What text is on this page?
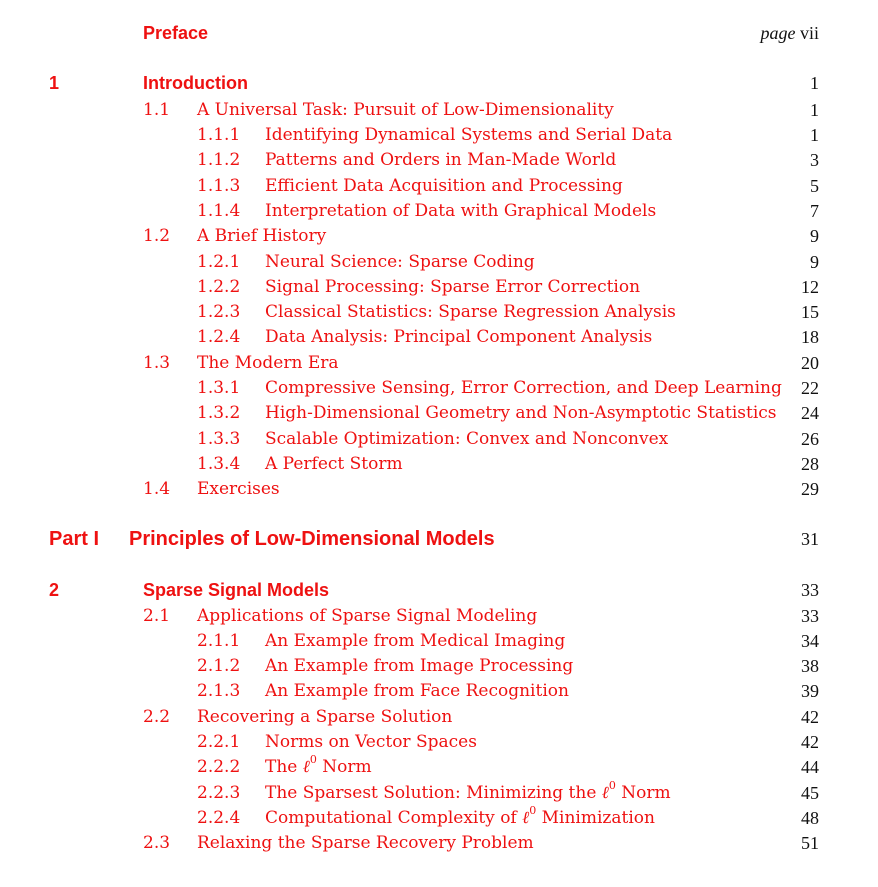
Preface	page vii
1	Introduction	1
1.1 A Universal Task: Pursuit of Low-Dimensionality	1
1.1.1 Identifying Dynamical Systems and Serial Data	1
1.1.2 Patterns and Orders in Man-Made World	3
1.1.3 Efficient Data Acquisition and Processing	5
1.1.4 Interpretation of Data with Graphical Models	7
1.2 A Brief History	9
1.2.1 Neural Science: Sparse Coding	9
1.2.2 Signal Processing: Sparse Error Correction	12
1.2.3 Classical Statistics: Sparse Regression Analysis	15
1.2.4 Data Analysis: Principal Component Analysis	18
1.3 The Modern Era	20
1.3.1 Compressive Sensing, Error Correction, and Deep Learning 22
1.3.2 High-Dimensional Geometry and Non-Asymptotic Statistics 24
1.3.3 Scalable Optimization: Convex and Nonconvex	26
1.3.4 A Perfect Storm	28
1.4 Exercises	29
Part I Principles of Low-Dimensional Models	31
2	Sparse Signal Models	33
2.1 Applications of Sparse Signal Modeling	33
2.1.1 An Example from Medical Imaging	34
2.1.2 An Example from Image Processing	38
2.1.3 An Example from Face Recognition	39
2.2 Recovering a Sparse Solution	42
2.2.1 Norms on Vector Spaces	42
2.2.2 The ℓ$^0$ Norm	44
2.2.3 The Sparsest Solution: Minimizing the ℓ$^0$ Norm	45
2.2.4 Computational Complexity of ℓ$^0$ Minimization	48
2.3 Relaxing the Sparse Recovery Problem	51
